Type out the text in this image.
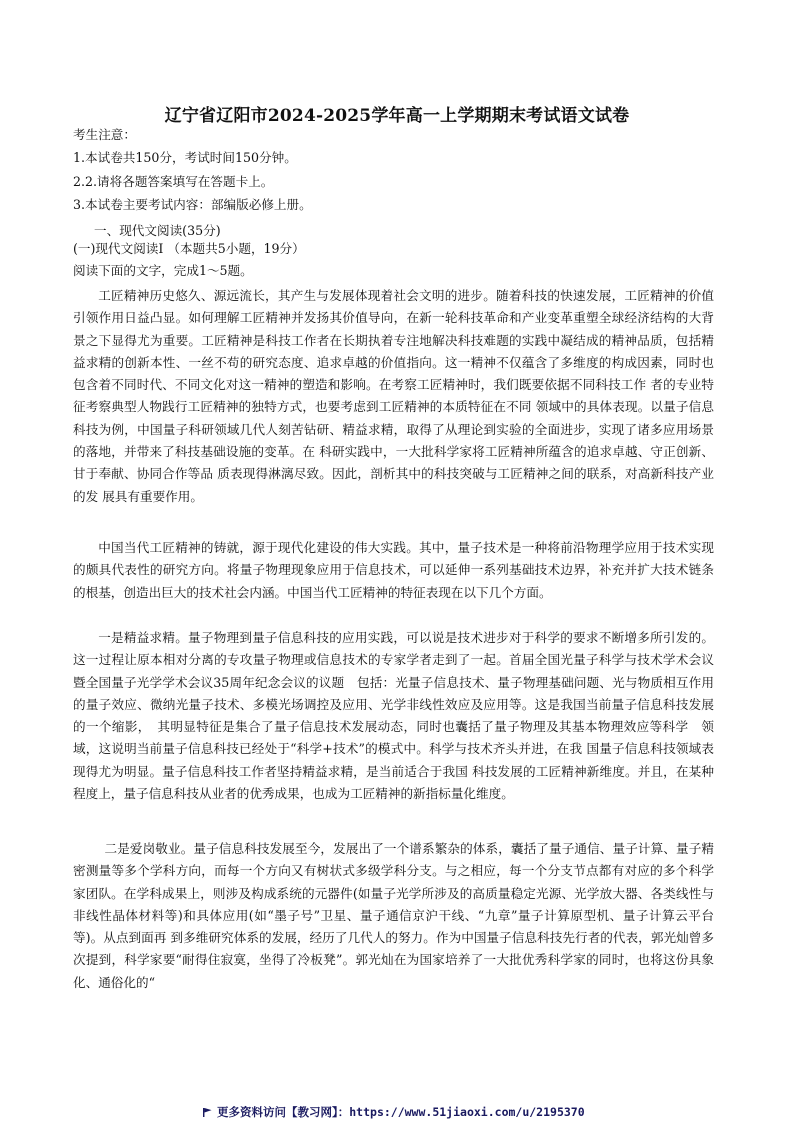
辽宁省辽阳市2024-2025学年高一上学期期末考试语文试卷
考生注意：
1.本试卷共150分，考试时间150分钟。
2.2.请将各题答案填写在答题卡上。
3.本试卷主要考试内容：部编版必修上册。
一、现代文阅读(35分)
(一)现代文阅读Ⅰ （本题共5小题，19分）
阅读下面的文字，完成1～5题。

工匠精神历史悠久、源远流长，其产生与发展体现着社会文明的进步。随着科技的快速发展，工匠精神的价值引领作用日益凸显。如何理解工匠精神并发扬其价值导向，在新一轮科技革命和产业变革重塑全球经济结构的大背景之下显得尤为重要。工匠精神是科技工作者在长期执着专注地解决科技难题的实践中凝结成的精神品质，包括精益求精的创新本性、一丝不苟的研究态度、追求卓越的价值指向。这一精神不仅蕴含了多维度的构成因素，同时也包含着不同时代、不同文化对这一精神的塑造和影响。在考察工匠精神时，我们既要依据不同科技工作 者的专业特征考察典型人物践行工匠精神的独特方式，也要考虑到工匠精神的本质特征在不同 领域中的具体表现。以量子信息科技为例，中国量子科研领域几代人刻苦钻研、精益求精，取得了从理论到实验的全面进步，实现了诸多应用场景的落地，并带来了科技基础设施的变革。在 科研实践中，一大批科学家将工匠精神所蕴含的追求卓越、守正创新、甘于奉献、协同合作等品 质表现得淋漓尽致。因此，剖析其中的科技突破与工匠精神之间的联系，对高新科技产业的发 展具有重要作用。

中国当代工匠精神的铸就，源于现代化建设的伟大实践。其中，量子技术是一种将前沿物理学应用于技术实现的颇具代表性的研究方向。将量子物理现象应用于信息技术，可以延伸一系列基础技术边界，补充并扩大技术链条的根基，创造出巨大的技术社会内涵。中国当代工匠精神的特征表现在以下几个方面。

一是精益求精。量子物理到量子信息科技的应用实践，可以说是技术进步对于科学的要求不断增多所引发的。这一过程让原本相对分离的专攻量子物理或信息技术的专家学者走到了一起。首届全国光量子科学与技术学术会议暨全国量子光学学术会议35周年纪念会议的议题　包括：光量子信息技术、量子物理基础问题、光与物质相互作用的量子效应、微纳光量子技术、多模光场调控及应用、光学非线性效应及应用等。这是我国当前量子信息科技发展的一个缩影，　其明显特征是集合了量子信息技术发展动态，同时也囊括了量子物理及其基本物理效应等科学　领域，这说明当前量子信息科技已经处于“科学+技术”的模式中。科学与技术齐头并进，在我 国量子信息科技领域表现得尤为明显。量子信息科技工作者坚持精益求精，是当前适合于我国 科技发展的工匠精神新维度。并且，在某种程度上，量子信息科技从业者的优秀成果，也成为工匠精神的新指标量化维度。

二是爱岗敬业。量子信息科技发展至今，发展出了一个谱系繁杂的体系，囊括了量子通信、量子计算、量子精密测量等多个学科方向，而每一个方向又有树状式多级学科分支。与之相应，每一个分支节点都有对应的多个科学家团队。在学科成果上，则涉及构成系统的元器件(如量子光学所涉及的高质量稳定光源、光学放大器、各类线性与非线性晶体材料等)和具体应用(如“墨子号”卫星、量子通信京沪干线、“九章”量子计算原型机、量子计算云平台等)。从点到面再 到多维研究体系的发展，经历了几代人的努力。作为中国量子信息科技先行者的代表，郭光灿曾多次提到，科学家要“耐得住寂寞，坐得了冷板凳”。郭光灿在为国家培养了一大批优秀科学家的同时，也将这份具象化、通俗化的“

更多资料访问【教习网】：https://www.51jiaoxi.com/u/2195370
